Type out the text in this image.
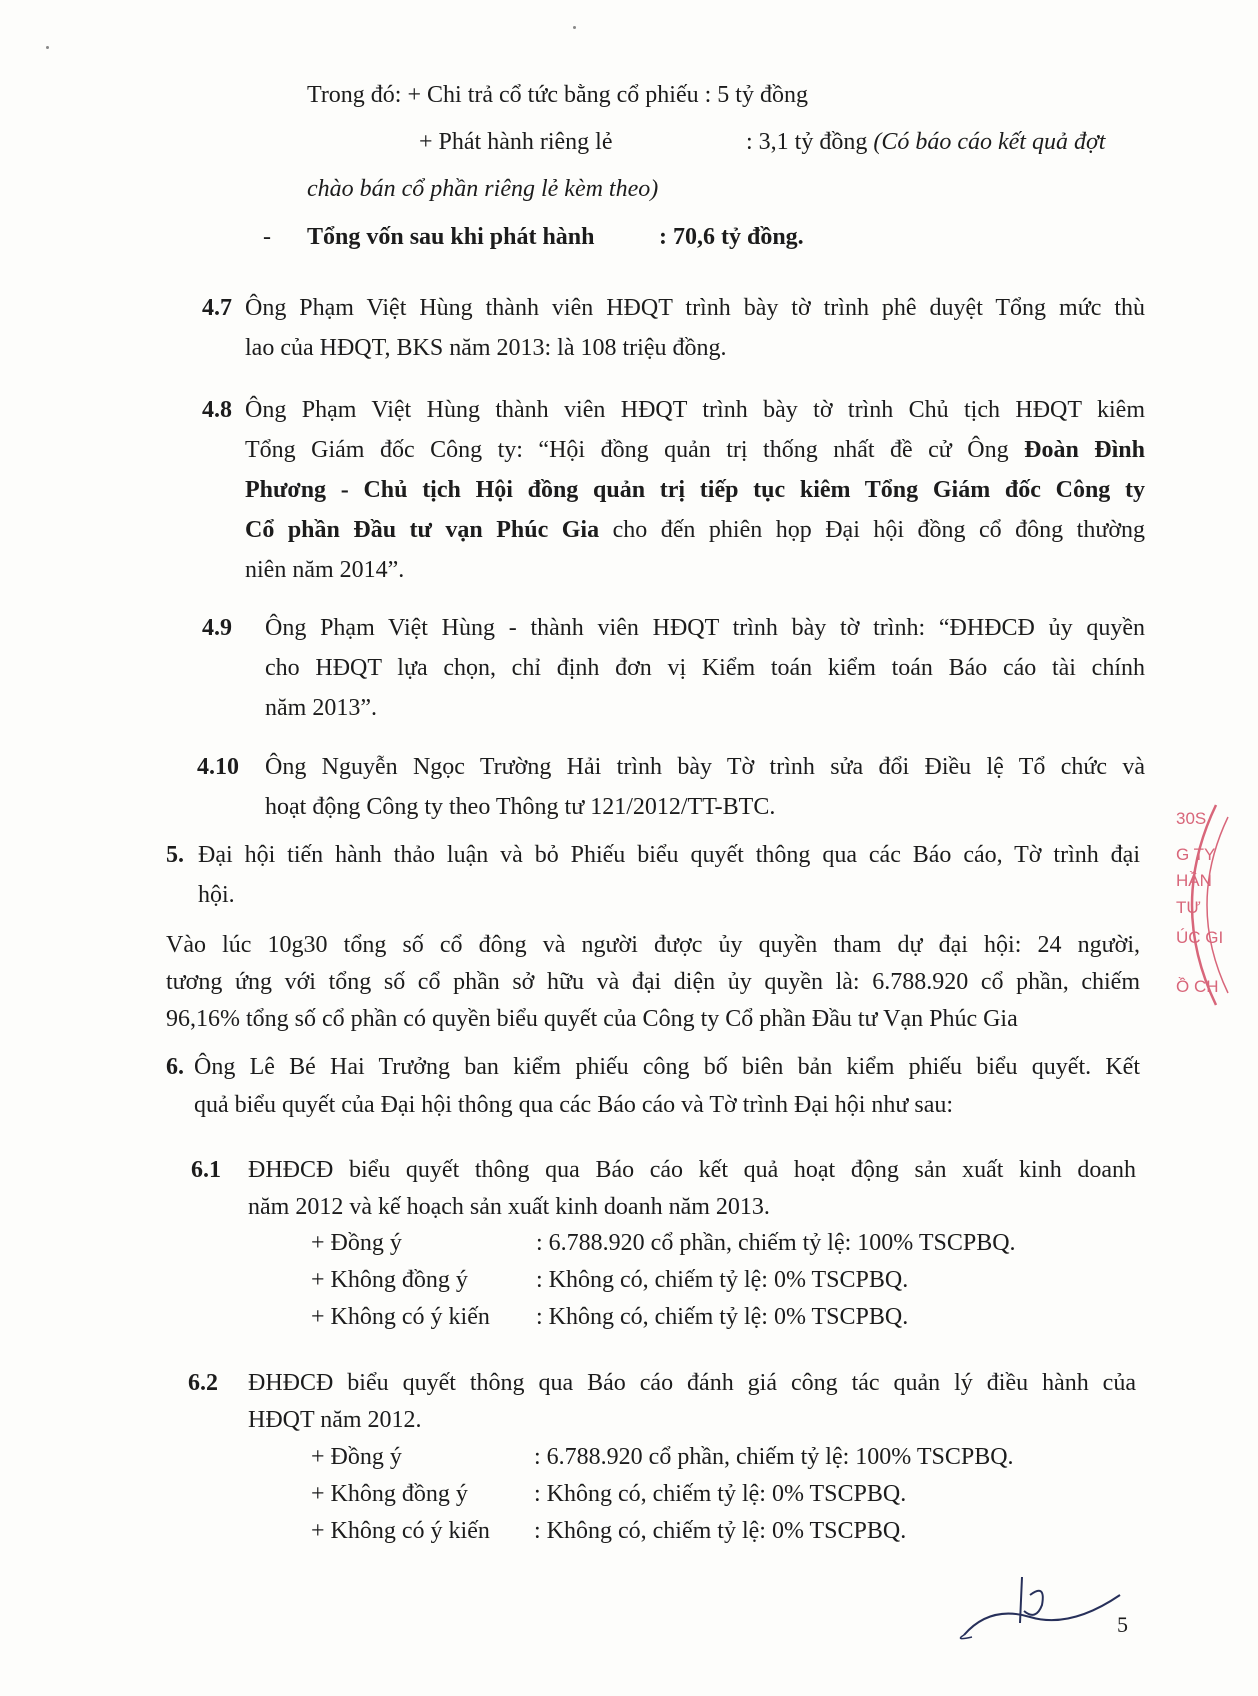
Trong đó: + Chi trả cổ tức bằng cổ phiếu : 5 tỷ đồng
+ Phát hành riêng lẻ	: 3,1 tỷ đồng (Có báo cáo kết quả đợt
chào bán cổ phần riêng lẻ kèm theo)
- Tổng vốn sau khi phát hành	: 70,6 tỷ đồng.
4.7 Ông Phạm Việt Hùng thành viên HĐQT trình bày tờ trình phê duyệt Tổng mức thù
lao của HĐQT, BKS năm 2013: là 108 triệu đồng.
4.8 Ông Phạm Việt Hùng thành viên HĐQT trình bày tờ trình Chủ tịch HĐQT kiêm
Tổng Giám đốc Công ty: “Hội đồng quản trị thống nhất đề cử Ông Đoàn Đình
Phương - Chủ tịch Hội đồng quản trị tiếp tục kiêm Tổng Giám đốc Công ty
Cổ phần Đầu tư vạn Phúc Gia cho đến phiên họp Đại hội đồng cổ đông thường
niên năm 2014”.
4.9 Ông Phạm Việt Hùng - thành viên HĐQT trình bày tờ trình: “ĐHĐCĐ ủy quyền
cho HĐQT lựa chọn, chỉ định đơn vị Kiểm toán kiểm toán Báo cáo tài chính
năm 2013”.
4.10 Ông Nguyễn Ngọc Trường Hải trình bày Tờ trình sửa đổi Điều lệ Tổ chức và
hoạt động Công ty theo Thông tư 121/2012/TT-BTC.
5. Đại hội tiến hành thảo luận và bỏ Phiếu biểu quyết thông qua các Báo cáo, Tờ trình đại
hội.
Vào lúc 10g30 tổng số cổ đông và người được ủy quyền tham dự đại hội: 24 người,
tương ứng với tổng số cổ phần sở hữu và đại diện ủy quyền là: 6.788.920 cổ phần, chiếm
96,16% tổng số cổ phần có quyền biểu quyết của Công ty Cổ phần Đầu tư Vạn Phúc Gia
6. Ông Lê Bé Hai Trưởng ban kiểm phiếu công bố biên bản kiểm phiếu biểu quyết. Kết
quả biểu quyết của Đại hội thông qua các Báo cáo và Tờ trình Đại hội như sau:
6.1 ĐHĐCĐ biểu quyết thông qua Báo cáo kết quả hoạt động sản xuất kinh doanh
năm 2012 và kế hoạch sản xuất kinh doanh năm 2013.
+ Đồng ý	: 6.788.920 cổ phần, chiếm tỷ lệ: 100% TSCPBQ.
+ Không đồng ý	: Không có, chiếm tỷ lệ: 0% TSCPBQ.
+ Không có ý kiến : Không có, chiếm tỷ lệ: 0% TSCPBQ.
6.2 ĐHĐCĐ biểu quyết thông qua Báo cáo đánh giá công tác quản lý điều hành của
HĐQT năm 2012.
+ Đồng ý	: 6.788.920 cổ phần, chiếm tỷ lệ: 100% TSCPBQ.
+ Không đồng ý	: Không có, chiếm tỷ lệ: 0% TSCPBQ.
+ Không có ý kiến : Không có, chiếm tỷ lệ: 0% TSCPBQ.
30S
G TY
HẦN
TƯ
ÚC GI
Ồ CH
5
